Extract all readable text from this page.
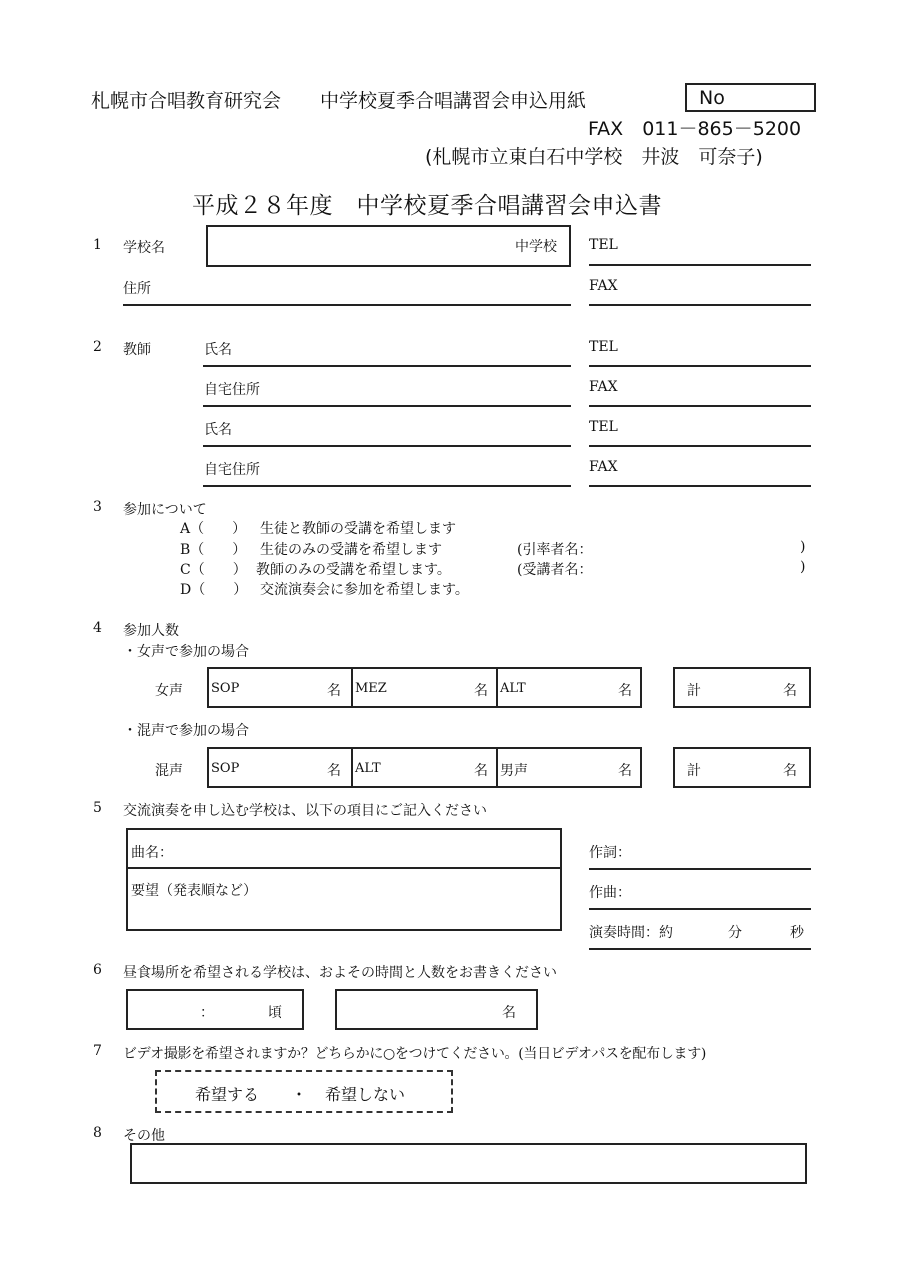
札幌市合唱教育研究会 中学校夏季合唱講習会申込用紙	No
FAX　011－865－5200
(札幌市立東白石中学校　井波　可奈子)
平成２８年度　中学校夏季合唱講習会申込書
1 学校名	中学校 TEL
住所	FAX
2 教師	氏名	TEL
自宅住所	FAX
氏名	TEL
自宅住所	FAX
3 参加について
A（　　） 生徒と教師の受講を希望します
B（　　） 生徒のみの受講を希望します	(引率者名：	)
C（　　） 教師のみの受講を希望します。	(受講者名：	)
D（　　） 交流演奏会に参加を希望します。
4 参加人数
・女声で参加の場合
女声 SOP	名 MEZ	名 ALT	名	計	名
・混声で参加の場合
混声 SOP	名 ALT	名 男声	名	計	名
5 交流演奏を申し込む学校は、以下の項目にご記入ください
曲名：
要望（発表順など）
作詞：
作曲：
演奏時間：約	分	秒
6 昼食場所を希望される学校は、およその時間と人数をお書きください
：	頃	名
7 ビデオ撮影を希望されますか？どちらかに○をつけてください。(当日ビデオパスを配布します)
希望する ・ 希望しない
8 その他
